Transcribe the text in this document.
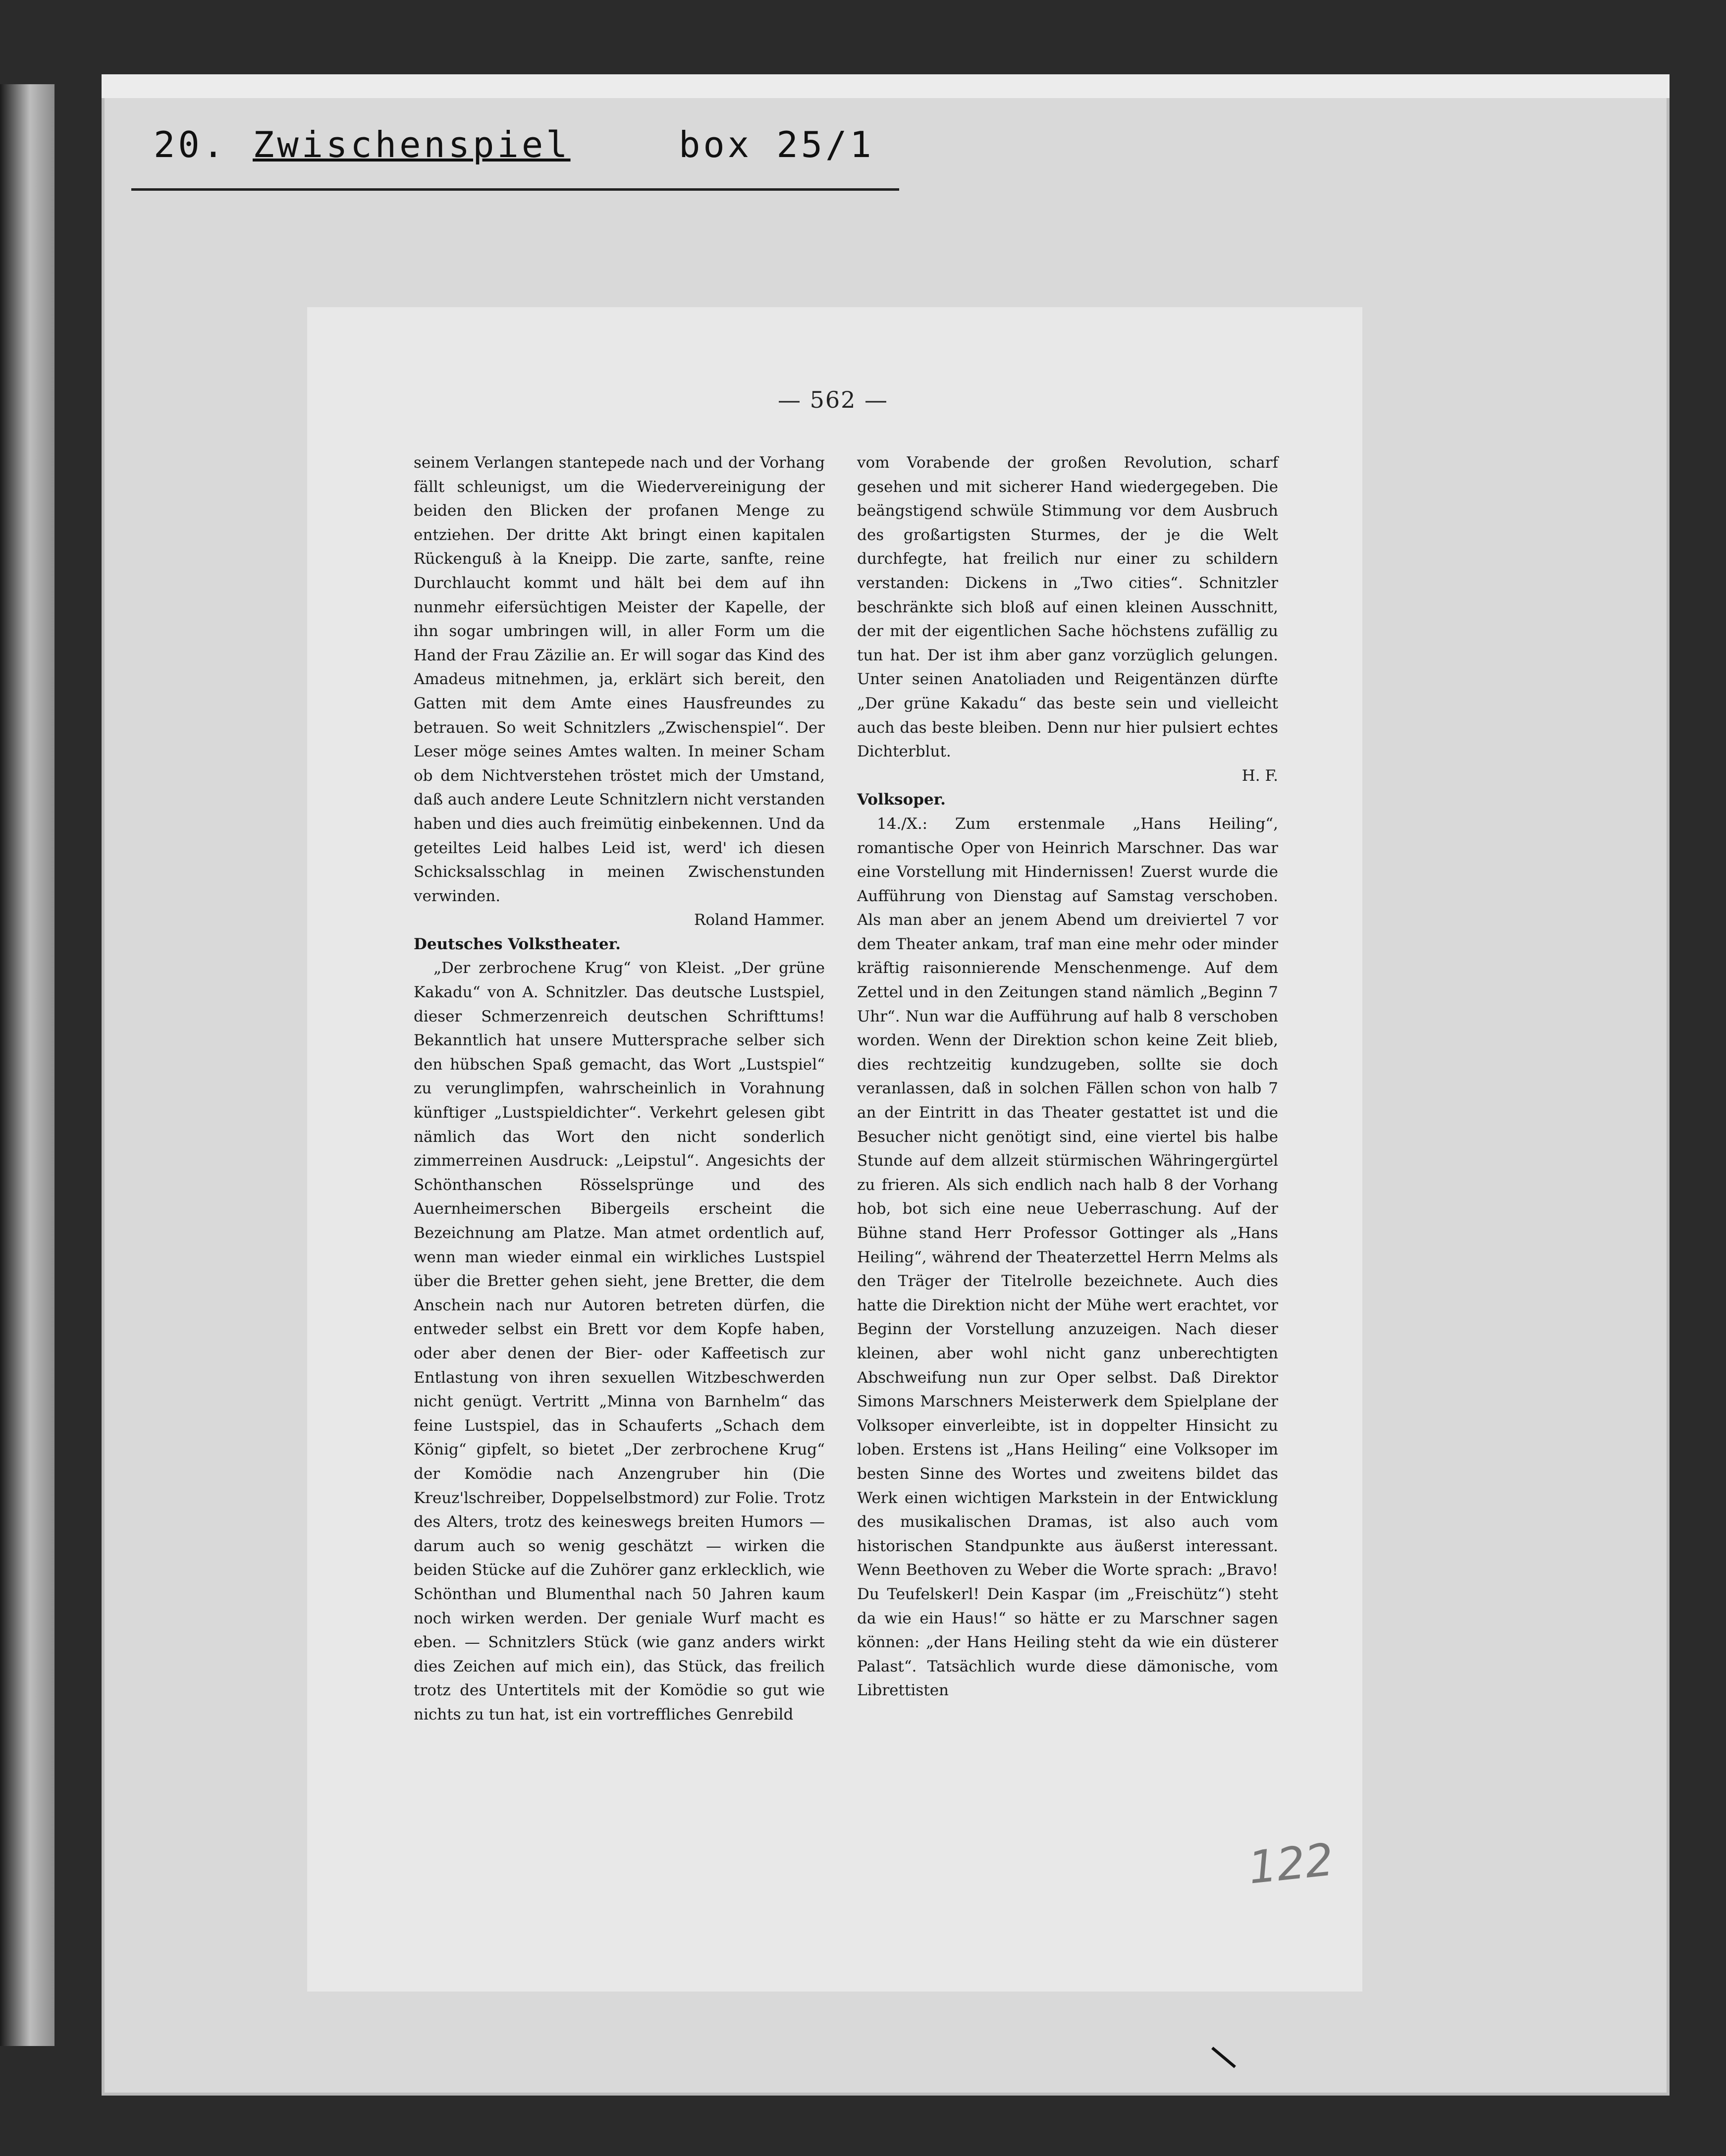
20. Zwischenspiel	box 25/1
— 562 —

seinem Verlangen stantepede nach und der Vorhang fällt schleunigst, um die Wiedervereinigung der beiden den Blicken der profanen Menge zu entziehen. Der dritte Akt bringt einen kapitalen Rückenguß à la Kneipp. Die zarte, sanfte, reine Durchlaucht kommt und hält bei dem auf ihn nunmehr eifersüchtigen Meister der Kapelle, der ihn sogar umbringen will, in aller Form um die Hand der Frau Zäzilie an. Er will sogar das Kind des Amadeus mitnehmen, ja, erklärt sich bereit, den Gatten mit dem Amte eines Hausfreundes zu betrauen. So weit Schnitzlers „Zwischenspiel“. Der Leser möge seines Amtes walten. In meiner Scham ob dem Nichtverstehen tröstet mich der Umstand, daß auch andere Leute Schnitzlern nicht verstanden haben und dies auch freimütig einbekennen. Und da geteiltes Leid halbes Leid ist, werd' ich diesen Schicksalsschlag in meinen Zwischenstunden verwinden.

Roland Hammer.

Deutsches Volkstheater.

„Der zerbrochene Krug“ von Kleist. „Der grüne Kakadu“ von A. Schnitzler. Das deutsche Lustspiel, dieser Schmerzenreich deutschen Schrifttums! Bekanntlich hat unsere Muttersprache selber sich den hübschen Spaß gemacht, das Wort „Lustspiel“ zu verunglimpfen, wahrscheinlich in Vorahnung künftiger „Lustspieldichter“. Verkehrt gelesen gibt nämlich das Wort den nicht sonderlich zimmerreinen Ausdruck: „Leipstul“. Angesichts der Schönthanschen Rösselsprünge und des Auernheimerschen Bibergeils erscheint die Bezeichnung am Platze. Man atmet ordentlich auf, wenn man wieder einmal ein wirkliches Lustspiel über die Bretter gehen sieht, jene Bretter, die dem Anschein nach nur Autoren betreten dürfen, die entweder selbst ein Brett vor dem Kopfe haben, oder aber denen der Bier- oder Kaffeetisch zur Entlastung von ihren sexuellen Witzbeschwerden nicht genügt. Vertritt „Minna von Barnhelm“ das feine Lustspiel, das in Schauferts „Schach dem König“ gipfelt, so bietet „Der zerbrochene Krug“ der Komödie nach Anzengruber hin (Die Kreuz'lschreiber, Doppelselbstmord) zur Folie. Trotz des Alters, trotz des keineswegs breiten Humors — darum auch so wenig geschätzt — wirken die beiden Stücke auf die Zuhörer ganz erklecklich, wie Schönthan und Blumenthal nach 50 Jahren kaum noch wirken werden. Der geniale Wurf macht es eben. — Schnitzlers Stück (wie ganz anders wirkt dies Zeichen auf mich ein), das Stück, das freilich trotz des Untertitels mit der Komödie so gut wie nichts zu tun hat, ist ein vortreffliches Genrebild

vom Vorabende der großen Revolution, scharf gesehen und mit sicherer Hand wiedergegeben. Die beängstigend schwüle Stimmung vor dem Ausbruch des großartigsten Sturmes, der je die Welt durchfegte, hat freilich nur einer zu schildern verstanden: Dickens in „Two cities“. Schnitzler beschränkte sich bloß auf einen kleinen Ausschnitt, der mit der eigentlichen Sache höchstens zufällig zu tun hat. Der ist ihm aber ganz vorzüglich gelungen. Unter seinen Anatoliaden und Reigentänzen dürfte „Der grüne Kakadu“ das beste sein und vielleicht auch das beste bleiben. Denn nur hier pulsiert echtes Dichterblut.

H. F.

Volksoper.

14./X.: Zum erstenmale „Hans Heiling“, romantische Oper von Heinrich Marschner. Das war eine Vorstellung mit Hindernissen! Zuerst wurde die Aufführung von Dienstag auf Samstag verschoben. Als man aber an jenem Abend um dreiviertel 7 vor dem Theater ankam, traf man eine mehr oder minder kräftig raisonnierende Menschenmenge. Auf dem Zettel und in den Zeitungen stand nämlich „Beginn 7 Uhr“. Nun war die Aufführung auf halb 8 verschoben worden. Wenn der Direktion schon keine Zeit blieb, dies rechtzeitig kundzugeben, sollte sie doch veranlassen, daß in solchen Fällen schon von halb 7 an der Eintritt in das Theater gestattet ist und die Besucher nicht genötigt sind, eine viertel bis halbe Stunde auf dem allzeit stürmischen Währingergürtel zu frieren. Als sich endlich nach halb 8 der Vorhang hob, bot sich eine neue Ueberraschung. Auf der Bühne stand Herr Professor Gottinger als „Hans Heiling“, während der Theaterzettel Herrn Melms als den Träger der Titelrolle bezeichnete. Auch dies hatte die Direktion nicht der Mühe wert erachtet, vor Beginn der Vorstellung anzuzeigen. Nach dieser kleinen, aber wohl nicht ganz unberechtigten Abschweifung nun zur Oper selbst. Daß Direktor Simons Marschners Meisterwerk dem Spielplane der Volksoper einverleibte, ist in doppelter Hinsicht zu loben. Erstens ist „Hans Heiling“ eine Volksoper im besten Sinne des Wortes und zweitens bildet das Werk einen wichtigen Markstein in der Entwicklung des musikalischen Dramas, ist also auch vom historischen Standpunkte aus äußerst interessant. Wenn Beethoven zu Weber die Worte sprach: „Bravo! Du Teufelskerl! Dein Kaspar (im „Freischütz“) steht da wie ein Haus!“ so hätte er zu Marschner sagen können: „der Hans Heiling steht da wie ein düsterer Palast“. Tatsächlich wurde diese dämonische, vom Librettisten

122
